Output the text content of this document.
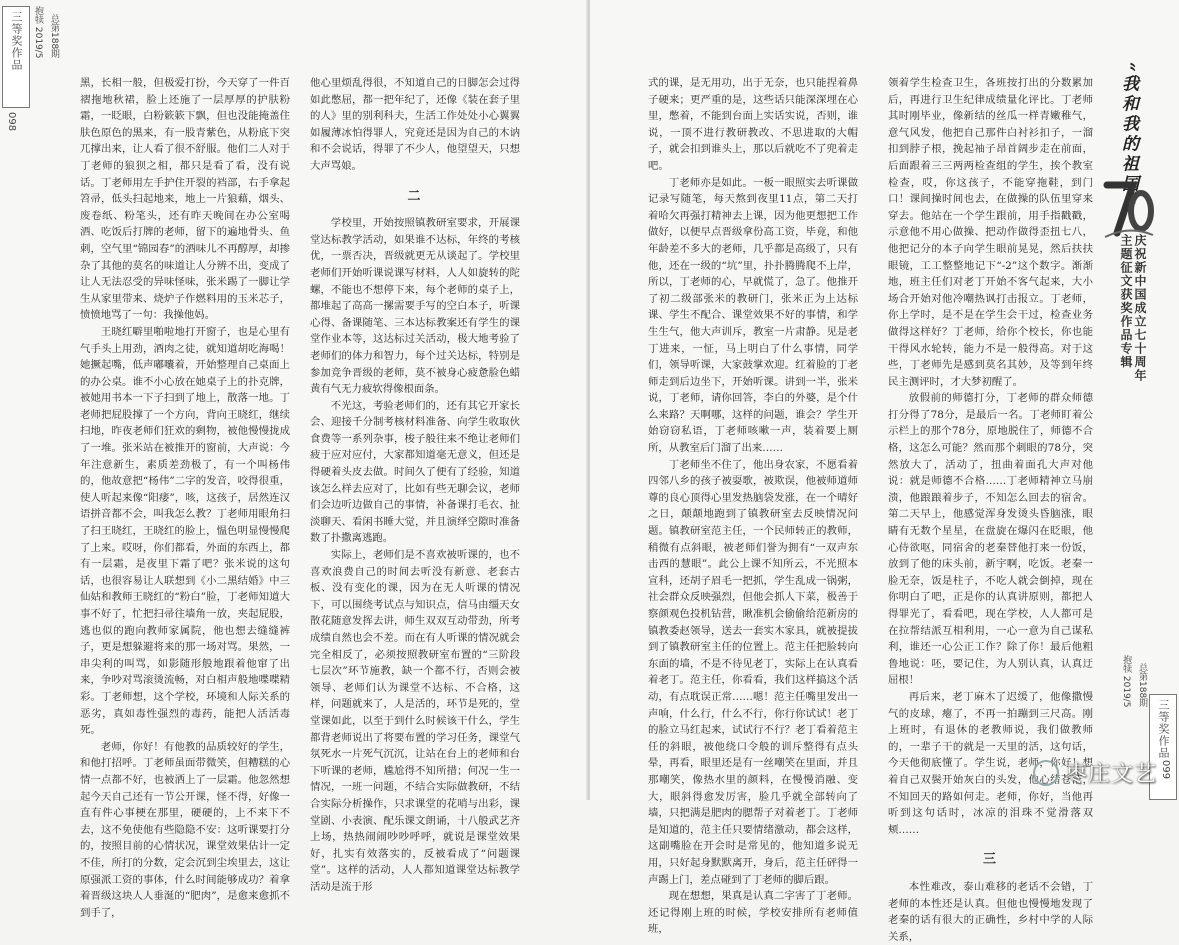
三等奖作品
098
抱犊 2019/5 总第188期

黑，长相一般，但极爱打扮，今天穿了一件百褶拖地秋裙，脸上还施了一层厚厚的护肤粉霜，一眨眼，白粉簌簌下飘，但也没能掩盖住肤色原色的黑来，有一股青紫色，从粉底下突兀撑出来，让人看了很不舒服。他们二人对于丁老师的狼狈之相，都只是看了看，没有说话。丁老师用左手护住开裂的裆部，右手拿起笤帚，低头扫起地来，地上一片狼藉，烟头、废卷纸、粉笔头，还有昨天晚间在办公室喝酒、吃饭后打牌的老师，留下的遍地骨头、鱼刺，空气里“锦园春”的酒味儿不再醇厚，却掺杂了其他的莫名的味道让人分辨不出，变成了让人无法忍受的异味怪味，张米踢了一脚让学生从家里带来、烧炉子作燃料用的玉米芯子，愤愤地骂了一句：我操他妈。

王晓红噼里啪啦地打开窗子，也是心里有气手头上用劲，酒肉之徒，就知道胡吃海喝！她撅起嘴，低声嘟囔着，开始整理自己桌面上的办公桌。谁不小心放在她桌子上的扑克牌，被她用书本一下子扫到了地上，散落一地。丁老师把屁股撑了一个方向，背向王晓红，继续扫地，昨夜老师们狂欢的剩物，被他慢慢拢成了一堆。张米站在被推开的窗前，大声说：今年注意新生，素质差劲极了，有一个叫杨伟的，他故意把“杨伟”二字的发音，咬得很重，使人听起来像“阳痿”，咳，这孩子，居然连汉语拼音都不会，叫我怎么教？丁老师用眼角扫了扫王晓红，王晓红的脸上，愠色明显慢慢爬了上来。哎呀，你们都看，外面的东西上，都有一层霜，是夜里下霜了吧？张米说的这句话，也很容易让人联想到《小二黑结婚》中三仙姑和教师王晓红的“粉白”脸，丁老师知道大事不好了，忙把扫帚往墙角一放，夹起屁股，逃也似的跑向教师家属院，他也想去缝缝裤子，更是想躲避将来的那一场对骂。果然，一串尖利的叫骂，如影随形般地跟着他窜了出来，争吵对骂滚烫流畅，对白相声般地喋喋精彩。丁老师想，这个学校，环境和人际关系的恶劣，真如毒性强烈的毒药，能把人活活毒死。

老师，你好！有他教的品质较好的学生，和他打招呼。丁老师虽面带微笑，但糟糕的心情一点都不好，也被洒上了一层霜。他忽然想起今天自己还有一节公开课，怪不得，好像一直有件心事梗在那里，硬硬的，上不来下不去，这不免使他有些隐隐不安：这听课要打分的，按照目前的心情状况，课堂效果估计一定不佳，所打的分数，定会沉到尘埃里去，这让原强派工资的事体，什么时间能够成功？着拿着晋级这块人人垂涎的“肥肉”，是愈来愈抓不到手了，

他心里烦乱得很，不知道自己的日脚怎会过得如此憋屈，都一把年纪了，还像《装在套子里的人》里的别利科夫，生活工作处处小心翼翼如履薄冰怕得罪人，究竟还是因为自己的木讷和不会说话，得罪了不少人，他望望天，只想大声骂娘。

二

学校里，开始按照镇教研室要求，开展课堂达标教学活动，如果谁不达标，年终的考核优，一票否决，晋级就更无从谈起了。学校里老师们开始听课说课写材料，人人如旋转的陀螺，不能也不想停下来，每个老师的桌子上，都堆起了高高一摞需要手写的空白本子，听课心得、备课随笔、三本达标教案还有学生的课堂作业本等，这达标过关活动，极大地考验了老师们的体力和智力，每个过关达标，特别是参加竞争晋级的老师，莫不被身心疲惫脸色蜡黄有气无力疲软得像根面条。

不光这，考验老师们的，还有其它开家长会、迎接千分制考核材料准备、向学生收取伙食费等一系列杂事，梭子般往来不绝让老师们疲于应对应付，大家都知道毫无意义，但还是得硬着头皮去做。时间久了便有了经验，知道该怎么样去应对了，比如有些无聊会议，老师们会边听边做自己的事情，补备课打毛衣、扯淡聊天、看闲书睡大觉，并且演绎空隙时准备数了扑撒离逃跑。

实际上，老师们是不喜欢被听课的，也不喜欢浪费自己的时间去听没有新意、老套古板、没有变化的课，因为在无人听课的情况下，可以围绕考试点与知识点，信马由缰天女散花随意发挥去讲，师生双双互动带劲，所考成绩自然也会不差。而在有人听课的情况就会完全相反了，必须按照教研室布置的“三阶段七层次”环节施教，缺一个都不行，否则会被领导、老师们认为课堂不达标、不合格，这样，问题就来了，人是活的，环节是死的，堂堂课如此，以至于到什么时候该干什么，学生都背老师说出了将要布置的学习任务，课堂气氛死水一片死气沉沉，让站在台上的老师和台下听课的老师，尴尬得不知所措；何况一生一情况，一班一问题，不结合实际做教研，不结合实际分析操作，只求课堂的花哨与出彩，课堂剧、小表演、配乐课文朗诵，十八般武艺齐上场，热热闹闹吵吵呼呼，就说是课堂效果好，扎实有效落实的，反被看成了“问题课堂”。这样的活动，人人都知道课堂达标教学活动是流于形

式的课，是无用功，出于无奈，也只能捏着鼻子硬来；更严重的是，这些话只能深深埋在心里，憋着，不能到台面上实话实说，否则，谁说，一顶不进行教研教改、不思进取的大帽子，就会扣到谁头上，那以后就吃不了兜着走吧。

丁老师亦是如此。一板一眼照实去听课做记录写随笔，每天熬到夜里11点，第二天打着哈欠再强打精神去上课，因为他更想把工作做好，以便早点晋级拿份高工资，毕竟，和他年龄差不多大的老师，几乎都是高级了，只有他，还在一级的“坑”里，扑扑腾腾爬不上岸，所以，丁老师的心，早就慌了，急了。他推开了初二级部张米的教研门，张米正为上达标课、学生不配合、课堂效果不好的事情，和学生生气，他大声训斥，教室一片肃静。见是老丁进来，一怔，马上明白了什么事情，同学们，领导听课，大家鼓掌欢迎。红着脸的丁老师走到后边坐下，开始听课。讲到一半，张米说，丁老师，请你回答，李白的外婆，是个什么来路？天啊哪，这样的问题，谁会？学生开始窃窃私语，丁老师咳嗽一声，装着要上厕所，从教室后门溜了出来……

丁老师坐不住了，他出身农家，不愿看着四邻八乡的孩子被耍歌，被欺误，他被师道师尊的良心顶得心里发热脑袋发涨，在一个晴好之日，颠颠地跑到了镇教研室去反映情况问题。镇教研室范主任，一个民师转正的教师，稍微有点斜眼，被老师们誉为拥有“一双声东击西的慧眼”。此公上课不知所云，不光照本宣科，还胡子眉毛一把抓，学生乱成一锅粥，社会群众反映强烈，但他会抓人下菜，极善于察颜观色投机钻营，瞅准机会偷偷给范新房的镇教委赵领导，送去一套实木家具，就被提拔到了镇教研室主任的位置上。范主任把脸转向东面的墙，不是不待见老丁，实际上在认真看着老丁。范主任，你看看，我们这样搞这个活动，有点耽误正常……嗯！范主任嘴里发出一声响，什么行，什么不行，你行你试试！老丁的脸立马红起来，试试行不行？老丁看着范主任的斜眼，被他绕口令般的训斥整得有点头晕，再看，眼里还是有一丝嘲笑在里面，并且那嘲笑，像热水里的颜料，在慢慢消融、变大，眼斜得愈发厉害，脸几乎就全部转向了墙，只把满是肥肉的腮帮子对着老丁。丁老师是知道的，范主任只要情绪激动，都会这样，这副嘴脸在开会时是常见的，他知道多说无用，只好起身默默离开，身后，范主任砰得一声踢上门，差点碰到了丁老师的脚后跟。

现在想想，果真是认真二字害了丁老师。还记得刚上班的时候，学校安排所有老师值班，

领着学生检查卫生，各班按打出的分数累加后，再进行卫生纪律成绩量化评比。丁老师其时刚毕业，像新结的丝瓜一样青嫩稚气，意气风发，他把自己那件白衬衫扣子，一溜扣到脖子根，挽起袖子昂首阔步走在前面，后面跟着三三两两检查组的学生，挨个教室检查，哎，你这孩子，不能穿拖鞋，到门口！课间操时间也去，在做操的队伍里穿来穿去。他站在一个学生跟前，用手指戳戳，示意他不用心做操、把动作做得歪扭七八，他把记分的本子向学生眼前晃晃，然后扶扶眼镜，工工整整地记下“-2”这个数字。渐渐地，班主任们对老丁开始不客气起来，大小场合开始对他冷嘲热讽打击报立。丁老师，你上学时，是不是在学生会干过，检查业务做得这样好？丁老师，给你个校长，你也能干得风水轮转，能力不是一般得高。对于这些，丁老师先是感到莫名其妙，及等到年终民主测评时，才大梦初醒了。

放假前的师德打分，丁老师的群众师德打分得了78分，是最后一名。丁老师盯着公示栏上的那个78分，原地脱住了，师德不合格，这怎么可能？然而那个刺眼的78分，突然放大了，活动了，扭曲着面孔大声对他说：就是师德不合格……丁老师精神立马崩溃，他踉踉着步子，不知怎么回去的宿舍。第二天早上，他感觉浑身发烫头昏脑涨，眼睛有无数个星星，在盘旋在爆闪在眨眼，他心侍欲呕，同宿舍的老秦替他打来一份饭，放到了他的床头前，新宇啊，吃饭。老秦一脸无奈，饭是柱子，不吃人就会倒掉，现在你明白了吧，正是你的认真讲原则，都把人得罪光了，看看吧，现在学校，人人都可是在拉帮结派互相利用，一心一意为自己谋私利，谁还一心公正工作？除了你！最后他粗鲁地说：呸，要记住，为人别认真，认真迂屈根！

再后来，老丁麻木了迟缓了，他像撒慢气的皮球，瘪了，不再一拍蹦到三尺高。刚上班时，有退休的老教师说，我们做教师的，一辈子干的就是一天里的活，这句话，今天他彻底懂了。学生说，老师，你好！想着自己双鬓开始灰白的头发，他心绪苍茫，不知回天的路如何走。老师，你好，当他再听到这句话时，冰凉的泪珠不觉滑落双颊……

三

本性难改，泰山难移的老话不会错，丁老师的本性还是认真。但他也慢慢地发现了老秦的话有很大的正确性，乡村中学的人际关系，

“我和我的祖国”
庆祝新中国成立七十周年主题征文获奖作品专辑
三等奖作品
抱犊 2019/5 总第188期
099
枣庄文艺
